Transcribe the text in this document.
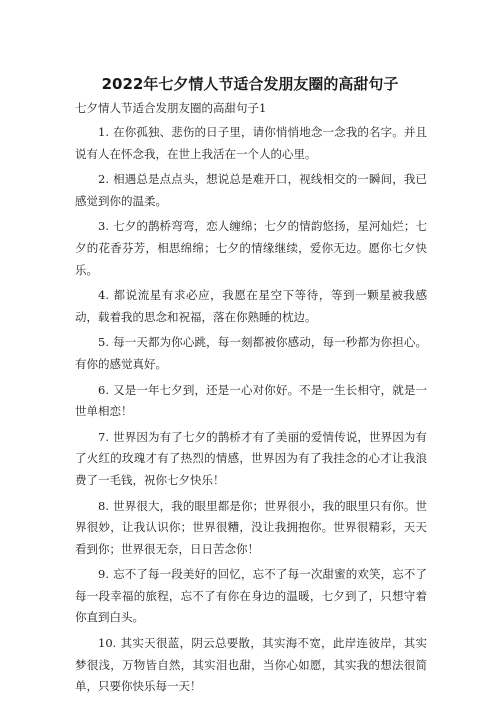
2022年七夕情人节适合发朋友圈的高甜句子

七夕情人节适合发朋友圈的高甜句子1

1. 在你孤独、悲伤的日子里，请你悄悄地念一念我的名字。并且说有人在怀念我，在世上我活在一个人的心里。

2. 相遇总是点点头，想说总是难开口，视线相交的一瞬间，我已感觉到你的温柔。

3. 七夕的鹊桥弯弯，恋人缠绵；七夕的情韵悠扬，星河灿烂；七夕的花香芬芳，相思绵绵；七夕的情缘继续，爱你无边。愿你七夕快乐。

4. 都说流星有求必应，我愿在星空下等待，等到一颗星被我感动，载着我的思念和祝福，落在你熟睡的枕边。

5. 每一天都为你心跳，每一刻都被你感动，每一秒都为你担心。有你的感觉真好。

6. 又是一年七夕到，还是一心对你好。不是一生长相守，就是一世单相恋！

7. 世界因为有了七夕的鹊桥才有了美丽的爱情传说，世界因为有了火红的玫瑰才有了热烈的情感，世界因为有了我挂念的心才让我浪费了一毛钱，祝你七夕快乐！

8. 世界很大，我的眼里都是你；世界很小，我的眼里只有你。世界很妙，让我认识你；世界很糟，没让我拥抱你。世界很精彩，天天看到你；世界很无奈，日日苦念你！

9. 忘不了每一段美好的回忆，忘不了每一次甜蜜的欢笑，忘不了每一段幸福的旅程，忘不了有你在身边的温暖，七夕到了，只想守着你直到白头。

10. 其实天很蓝，阴云总要散，其实海不宽，此岸连彼岸，其实梦很浅，万物皆自然，其实泪也甜，当你心如愿，其实我的想法很简单，只要你快乐每一天！
